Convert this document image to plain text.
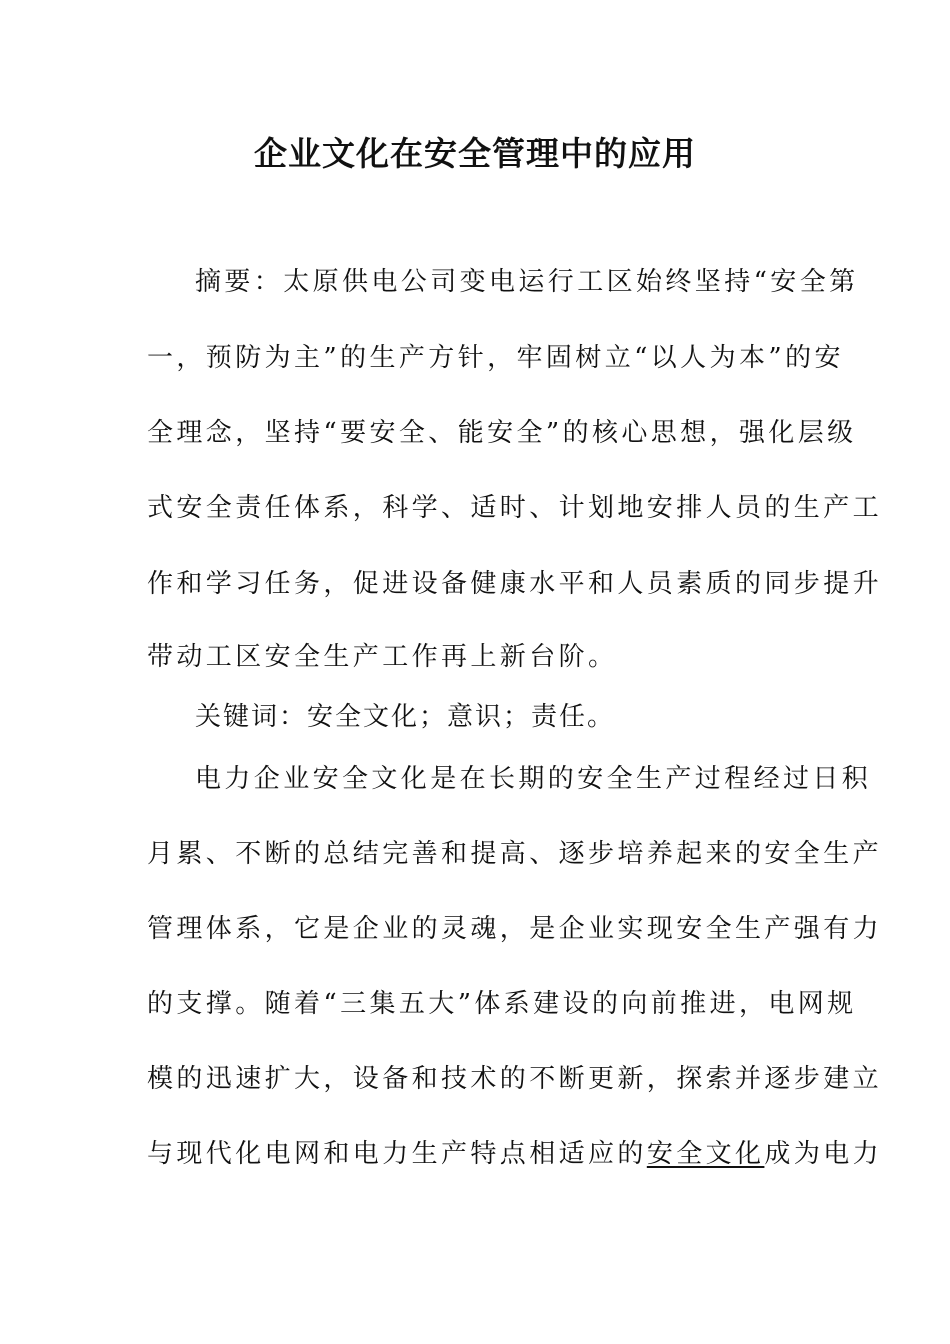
企业文化在安全管理中的应用
摘要：太原供电公司变电运行工区始终坚持“安全第
一，预防为主”的生产方针，牢固树立“以人为本”的安
全理念，坚持“要安全、能安全”的核心思想，强化层级
式安全责任体系，科学、适时、计划地安排人员的生产工
作和学习任务，促进设备健康水平和人员素质的同步提升
带动工区安全生产工作再上新台阶。
关键词：安全文化；意识；责任。
电力企业安全文化是在长期的安全生产过程经过日积
月累、不断的总结完善和提高、逐步培养起来的安全生产
管理体系，它是企业的灵魂，是企业实现安全生产强有力
的支撑。随着“三集五大”体系建设的向前推进，电网规
模的迅速扩大，设备和技术的不断更新，探索并逐步建立
与现代化电网和电力生产特点相适应的安全文化成为电力
